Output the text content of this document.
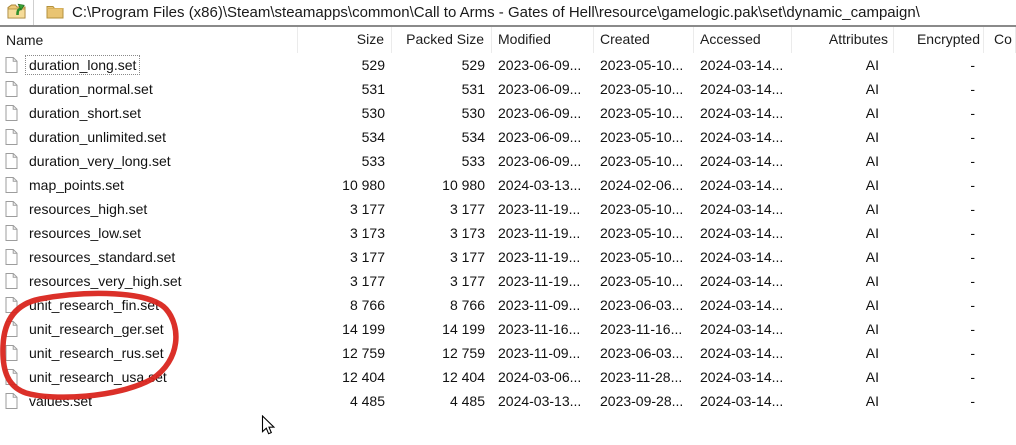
C:\Program Files (x86)\Steam\steamapps\common\Call to Arms - Gates of Hell\resource\gamelogic.pak\set\dynamic_campaign\
Name	Size	Packed Size	Modified	Created	Accessed	Attributes	Encrypted	Co
duration_long.set	529	529 2023-06-09...	2023-05-10...	2024-03-14...	AI	-
duration_normal.set	531	531 2023-06-09...	2023-05-10...	2024-03-14...	AI	-
duration_short.set	530	530 2023-06-09...	2023-05-10...	2024-03-14...	AI	-
duration_unlimited.set	534	534 2023-06-09...	2023-05-10...	2024-03-14...	AI	-
duration_very_long.set	533	533 2023-06-09...	2023-05-10...	2024-03-14...	AI	-
map_points.set	10 980	10 980 2024-03-13...	2024-02-06...	2024-03-14...	AI	-
resources_high.set	3 177	3 177 2023-11-19...	2023-05-10...	2024-03-14...	AI	-
resources_low.set	3 173	3 173 2023-11-19...	2023-05-10...	2024-03-14...	AI	-
resources_standard.set	3 177	3 177 2023-11-19...	2023-05-10...	2024-03-14...	AI	-
resources_very_high.set	3 177	3 177 2023-11-19...	2023-05-10...	2024-03-14...	AI	-
unit_research_fin.set	8 766	8 766 2023-11-09...	2023-06-03...	2024-03-14...	AI	-
unit_research_ger.set	14 199	14 199 2023-11-16...	2023-11-16...	2024-03-14...	AI	-
unit_research_rus.set	12 759	12 759 2023-11-09...	2023-06-03...	2024-03-14...	AI	-
unit_research_usa.set	12 404	12 404 2024-03-06...	2023-11-28...	2024-03-14...	AI	-
values.set	4 485	4 485 2024-03-13...	2023-09-28...	2024-03-14...	AI	-
